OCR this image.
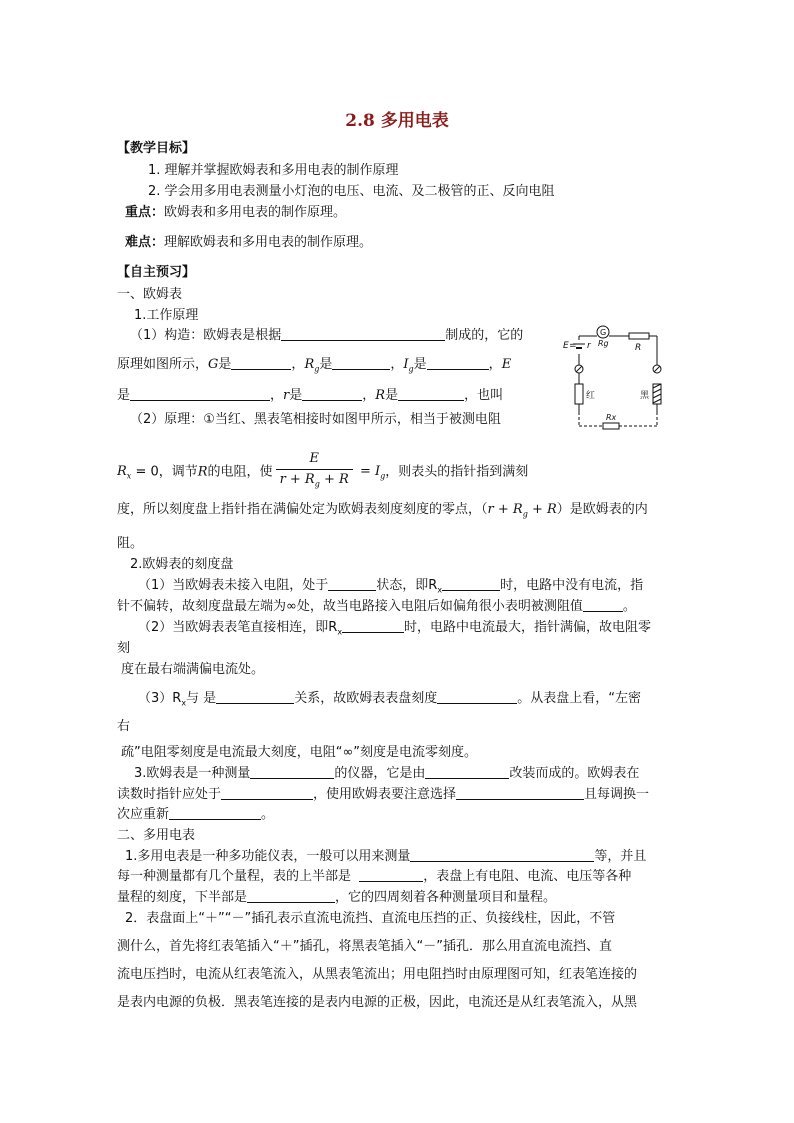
2.8 多用电表
【教学目标】
1. 理解并掌握欧姆表和多用电表的制作原理
2. 学会用多用电表测量小灯泡的电压、电流、及二极管的正、反向电阻
重点：欧姆表和多用电表的制作原理。
难点：理解欧姆表和多用电表的制作原理。
【自主预习】
一、欧姆表
1.工作原理
（1）构造：欧姆表是根据	制成的，它的
原理如图所示，G是	，$R_g$是	，$I_g$是	，E
是	，r是	，R是	，也叫
（2）原理：①当红、黑表笔相接时如图甲所示，相当于被测电阻
$R_x = 0$，调节R的电阻，使 $\frac{E}{r + R_g + R} = I_g$，则表头的指针指到满刻
度，所以刻度盘上指针指在满偏处定为欧姆表刻度刻度的零点，$(r + R_g + R)$是欧姆表的内
阻。
2.欧姆表的刻度盘
（1）当欧姆表未接入电阻，处于	状态，即$R_x$	时，电路中没有电流，指
针不偏转，故刻度盘最左端为∞处，故当电路接入电阻后如偏角很小表明被测阻值	。
（2）当欧姆表表笔直接相连，即$R_x$	时，电路中电流最大，指针满偏，故电阻零
刻
度在最右端满偏电流处。
$(3)R_x$与 是	关系，故欧姆表表盘刻度	。从表盘上看，“左密
右
疏”电阻零刻度是电流最大刻度，电阻“∞”刻度是电流零刻度。
3.欧姆表是一种测量	的仪器，它是由	改装而成的。欧姆表在
读数时指针应处于	，使用欧姆表要注意选择	且每调换一
次应重新	。
二、多用电表
1.多用电表是一种多功能仪表，一般可以用来测量	等，并且
每一种测量都有几个量程，表的上半部是	，表盘上有电阻、电流、电压等各种
量程的刻度，下半部是	，它的四周刻着各种测量项目和量程。
2．表盘面上“＋”“－”插孔表示直流电流挡、直流电压挡的正、负接线柱，因此，不管
测什么，首先将红表笔插入“＋”插孔，将黑表笔插入“－”插孔．那么用直流电流挡、直
流电压挡时，电流从红表笔流入，从黑表笔流出；用电阻挡时由原理图可知，红表笔连接的
是表内电源的负极．黑表笔连接的是表内电源的正极，因此，电流还是从红表笔流入，从黑
E = r
G
Rg	R
红	黑
Rx
